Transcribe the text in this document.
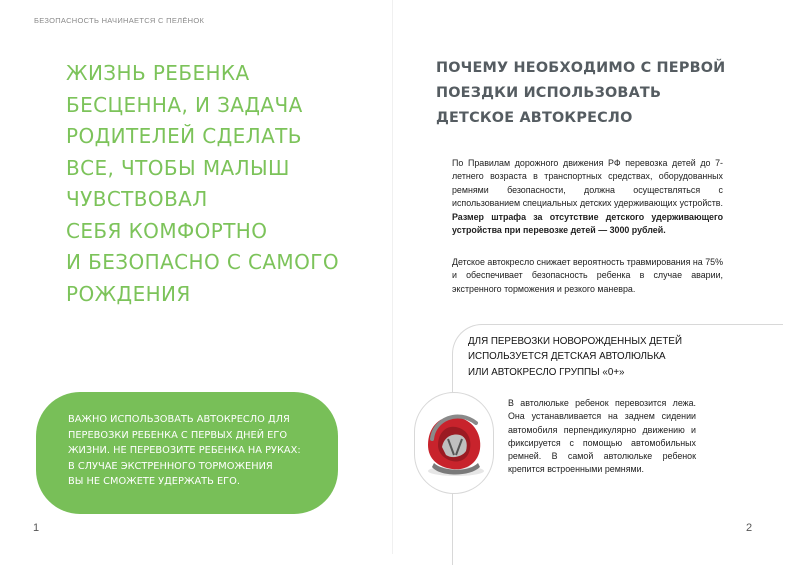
БЕЗОПАСНОСТЬ НАЧИНАЕТСЯ С ПЕЛЁНОК
ЖИЗНЬ РЕБЕНКА
БЕСЦЕННА, И ЗАДАЧА
РОДИТЕЛЕЙ СДЕЛАТЬ
ВСЕ, ЧТОБЫ МАЛЫШ
ЧУВСТВОВАЛ
СЕБЯ КОМФОРТНО
И БЕЗОПАСНО С САМОГО
РОЖДЕНИЯ

ВАЖНО ИСПОЛЬЗОВАТЬ АВТОКРЕСЛО ДЛЯ
ПЕРЕВОЗКИ РЕБЕНКА С ПЕРВЫХ ДНЕЙ ЕГО
ЖИЗНИ. НЕ ПЕРЕВОЗИТЕ РЕБЕНКА НА РУКАХ:
В СЛУЧАЕ ЭКСТРЕННОГО ТОРМОЖЕНИЯ
ВЫ НЕ СМОЖЕТЕ УДЕРЖАТЬ ЕГО.

1
ПОЧЕМУ НЕОБХОДИМО С ПЕРВОЙ
ПОЕЗДКИ ИСПОЛЬЗОВАТЬ
ДЕТСКОЕ АВТОКРЕСЛО

По Правилам дорожного движения РФ перевозка детей до 7-летнего возраста в транспортных средствах, оборудованных ремнями безопасности, должна осуществляться с использованием специальных детских удерживающих устройств. Размер штрафа за отсутствие детского удерживающего устройства при перевозке детей — 3000 рублей.

Детское автокресло снижает вероятность травмирования на 75% и обеспечивает безопасность ребенка в случае аварии, экстренного торможения и резкого маневра.

ДЛЯ ПЕРЕВОЗКИ НОВОРОЖДЕННЫХ ДЕТЕЙ
ИСПОЛЬЗУЕТСЯ ДЕТСКАЯ АВТОЛЮЛЬКА
ИЛИ АВТОКРЕСЛО ГРУППЫ «0+»

В автолюльке ребенок перевозится лежа. Она устанавливается на заднем сидении автомобиля перпендикулярно движению и фиксируется с помощью автомобильных ремней. В самой автолюльке ребенок крепится встроенными ремнями.

2
